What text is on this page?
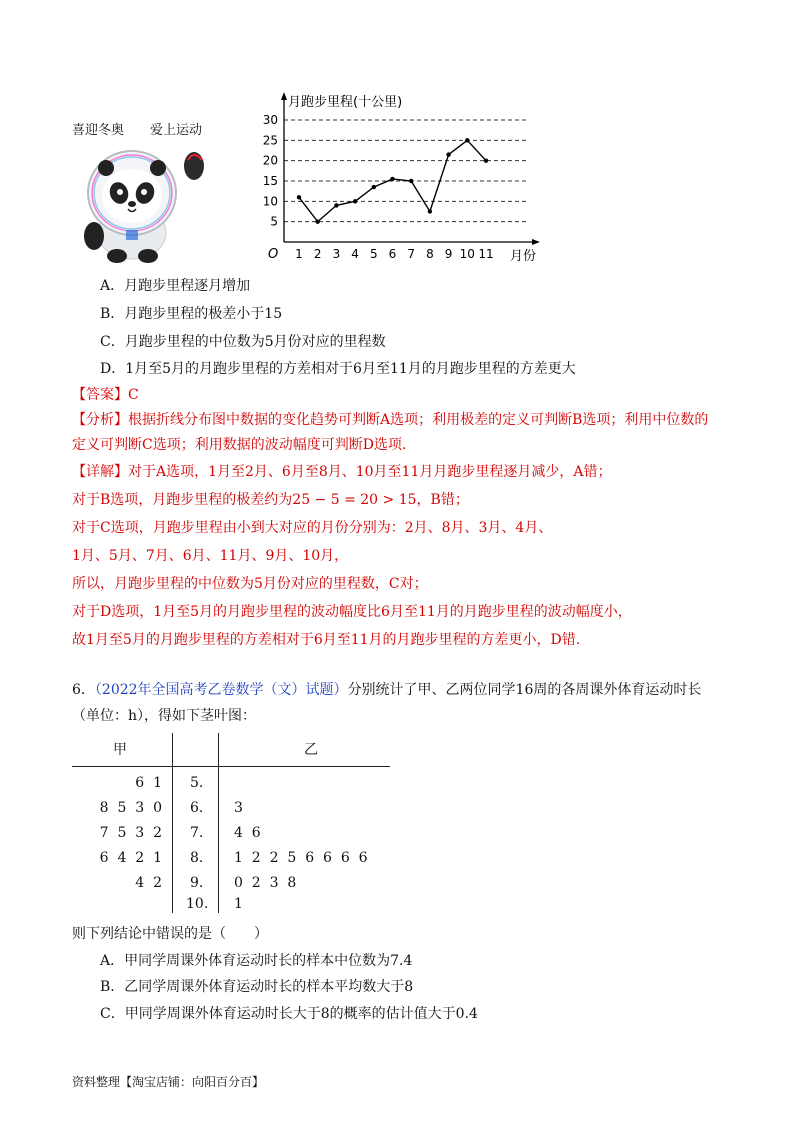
喜迎冬奥 爱上运动
5
10
15
20
25
30
月跑步里程(十公里)
月份
O 1 2 3 4 5 6 7 8 9 10 11
A．月跑步里程逐月增加
B．月跑步里程的极差小于15
C．月跑步里程的中位数为5月份对应的里程数
D．1月至5月的月跑步里程的方差相对于6月至11月的月跑步里程的方差更大
【答案】C
【分析】根据折线分布图中数据的变化趋势可判断A选项；利用极差的定义可判断B选项；利用中位数的
定义可判断C选项；利用数据的波动幅度可判断D选项.
【详解】对于A选项，1月至2月、6月至8月、10月至11月月跑步里程逐月减少，A错；
对于B选项，月跑步里程的极差约为25 − 5 = 20 > 15，B错；
对于C选项，月跑步里程由小到大对应的月份分别为：2月、8月、3月、4月、
1月、5月、7月、6月、11月、9月、10月，
所以，月跑步里程的中位数为5月份对应的里程数，C对；
对于D选项，1月至5月的月跑步里程的波动幅度比6月至11月的月跑步里程的波动幅度小，
故1月至5月的月跑步里程的方差相对于6月至11月的月跑步里程的方差更小，D错.
6．（2022年全国高考乙卷数学（文）试题）分别统计了甲、乙两位同学16周的各周课外体育运动时长
（单位：h），得如下茎叶图：
甲	乙
6  1 5.
8  5  3  0 6. 3
7  5  3  2 7. 4  6
6  4  2  1 8. 1  2  2  5  6  6  6  6
4  2 9. 0  2  3  8
10. 1
则下列结论中错误的是（　　）
A．甲同学周课外体育运动时长的样本中位数为7.4
B．乙同学周课外体育运动时长的样本平均数大于8
C．甲同学周课外体育运动时长大于8的概率的估计值大于0.4
资料整理【淘宝店铺：向阳百分百】
